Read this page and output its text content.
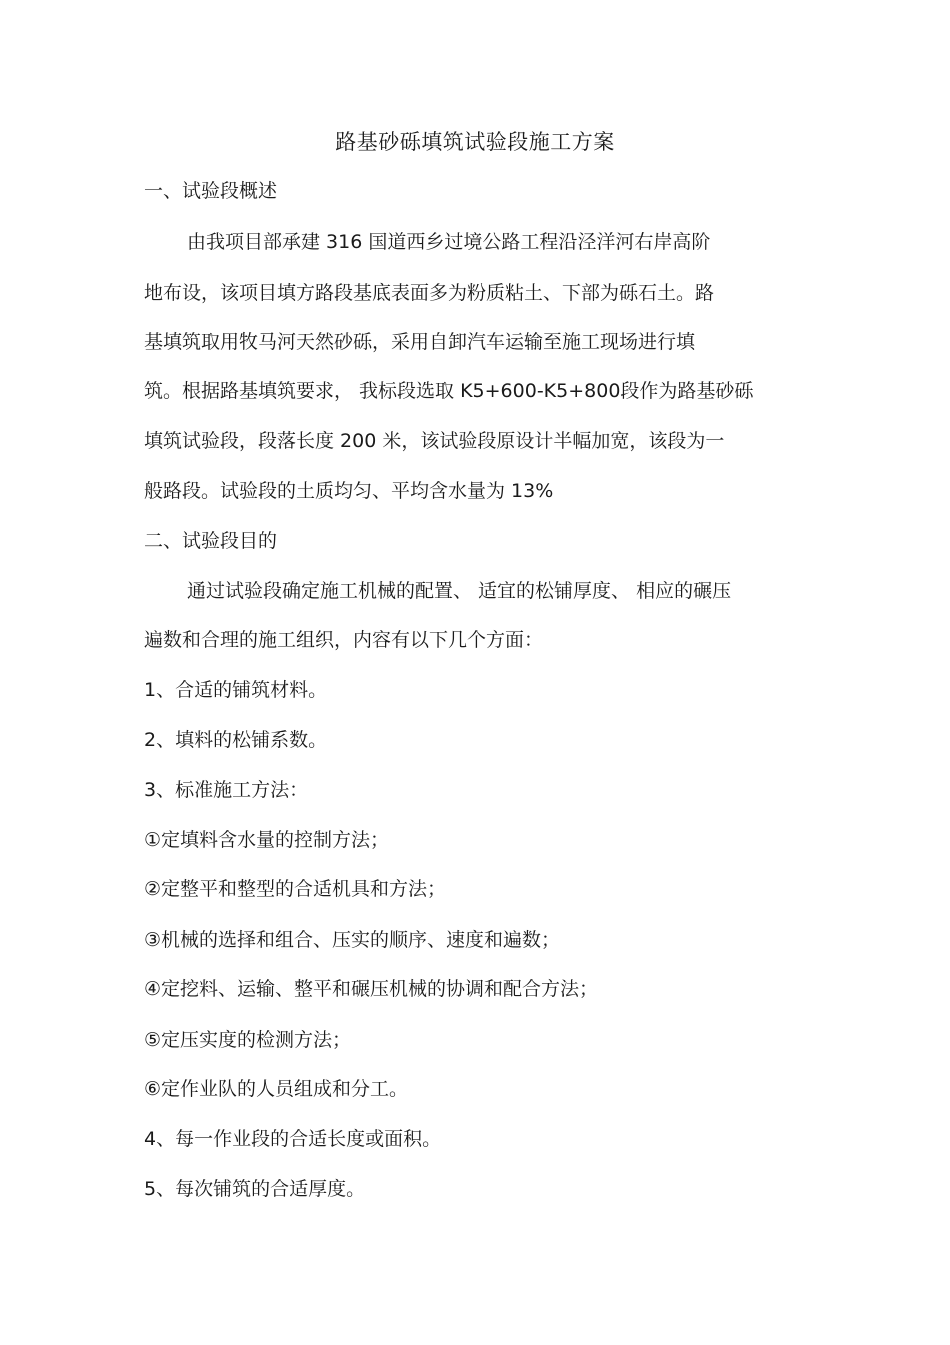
路基砂砾填筑试验段施工方案
一、试验段概述
由我项目部承建 316 国道西乡过境公路工程沿泾洋河右岸高阶
地布设，该项目填方路段基底表面多为粉质粘土、下部为砾石土。路
基填筑取用牧马河天然砂砾，采用自卸汽车运输至施工现场进行填
筑。根据路基填筑要求， 我标段选取 K5+600-K5+800段作为路基砂砾
填筑试验段，段落长度 200 米，该试验段原设计半幅加宽，该段为一
般路段。试验段的土质均匀、平均含水量为 13%
二、试验段目的
通过试验段确定施工机械的配置、 适宜的松铺厚度、 相应的碾压
遍数和合理的施工组织，内容有以下几个方面：
1、合适的铺筑材料。
2、填料的松铺系数。
3、标准施工方法：
①定填料含水量的控制方法；
②定整平和整型的合适机具和方法；
③机械的选择和组合、压实的顺序、速度和遍数；
④定挖料、运输、整平和碾压机械的协调和配合方法；
⑤定压实度的检测方法；
⑥定作业队的人员组成和分工。
4、每一作业段的合适长度或面积。
5、每次铺筑的合适厚度。
